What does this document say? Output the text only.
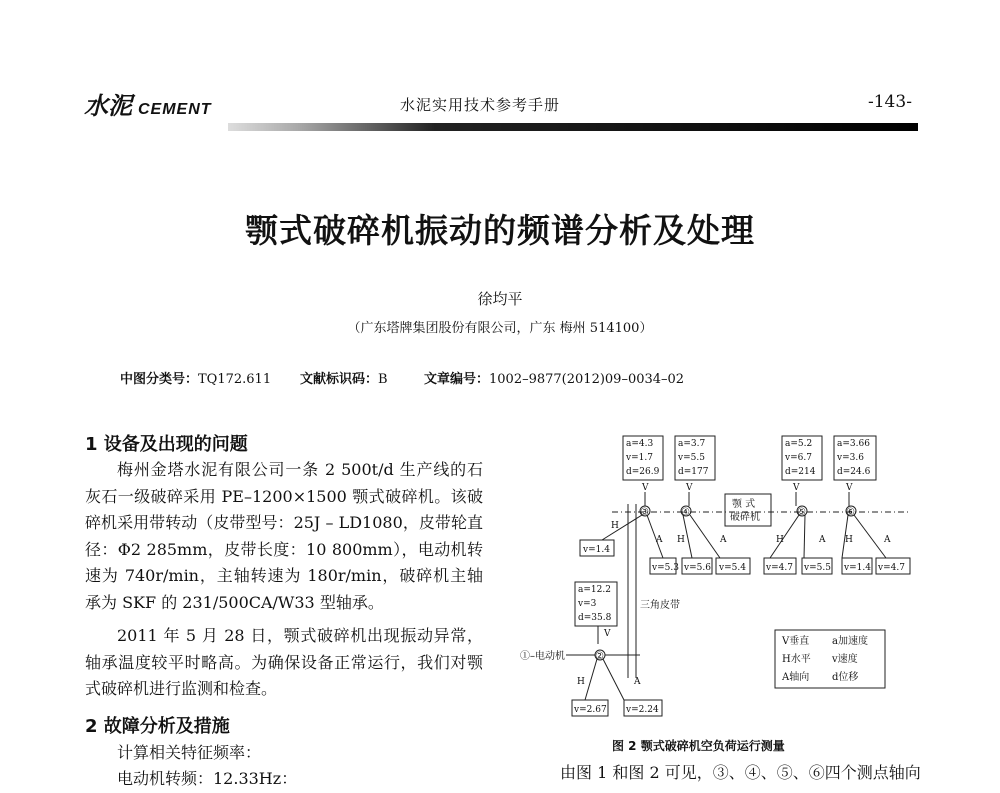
水泥 CEMENT	水泥实用技术参考手册	-143-
颚式破碎机振动的频谱分析及处理
徐均平
（广东塔牌集团股份有限公司，广东 梅州 514100）
中图分类号：TQ172.611 文献标识码：B	文章编号：1002–9877(2012)09–0034–02
1 设备及出现的问题
梅州金塔水泥有限公司一条 2 500t/d 生产线的石灰石一级破碎采用 PE–1200×1500 颚式破碎机。该破碎机采用带转动（皮带型号：25J – LD1080，皮带轮直径：Φ2 285mm，皮带长度：10 800mm），电动机转速为 740r/min，主轴转速为 180r/min，破碎机主轴承为 SKF 的 231/500CA/W33 型轴承。
2011 年 5 月 28 日，颚式破碎机出现振动异常，轴承温度较平时略高。为确保设备正常运行，我们对颚式破碎机进行监测和检查。
2 故障分析及措施
计算相关特征频率：
电动机转频：12.33Hz：
a=4.3
v=1.7
d=26.9
a=3.7
v=5.5
d=177
a=5.2
v=6.7
d=214
a=3.66
v=3.6
d=24.6
a=12.2
v=3
d=35.8
V	V	V	V
V
H
H	H	H
H
A	A	A	A
A
③	④	⑤	⑥
②
颚 式
破碎机
三角皮带
①–电动机
v=1.4
v=5.3 v=5.6 v=5.4 v=4.7 v=5.5 v=1.4 v=4.7
v=2.67 v=2.24
V垂直 a加速度
H水平 v速度
A轴向 d位移
图 2 颚式破碎机空负荷运行测量
由图 1 和图 2 可见，③、④、⑤、⑥四个测点轴向
